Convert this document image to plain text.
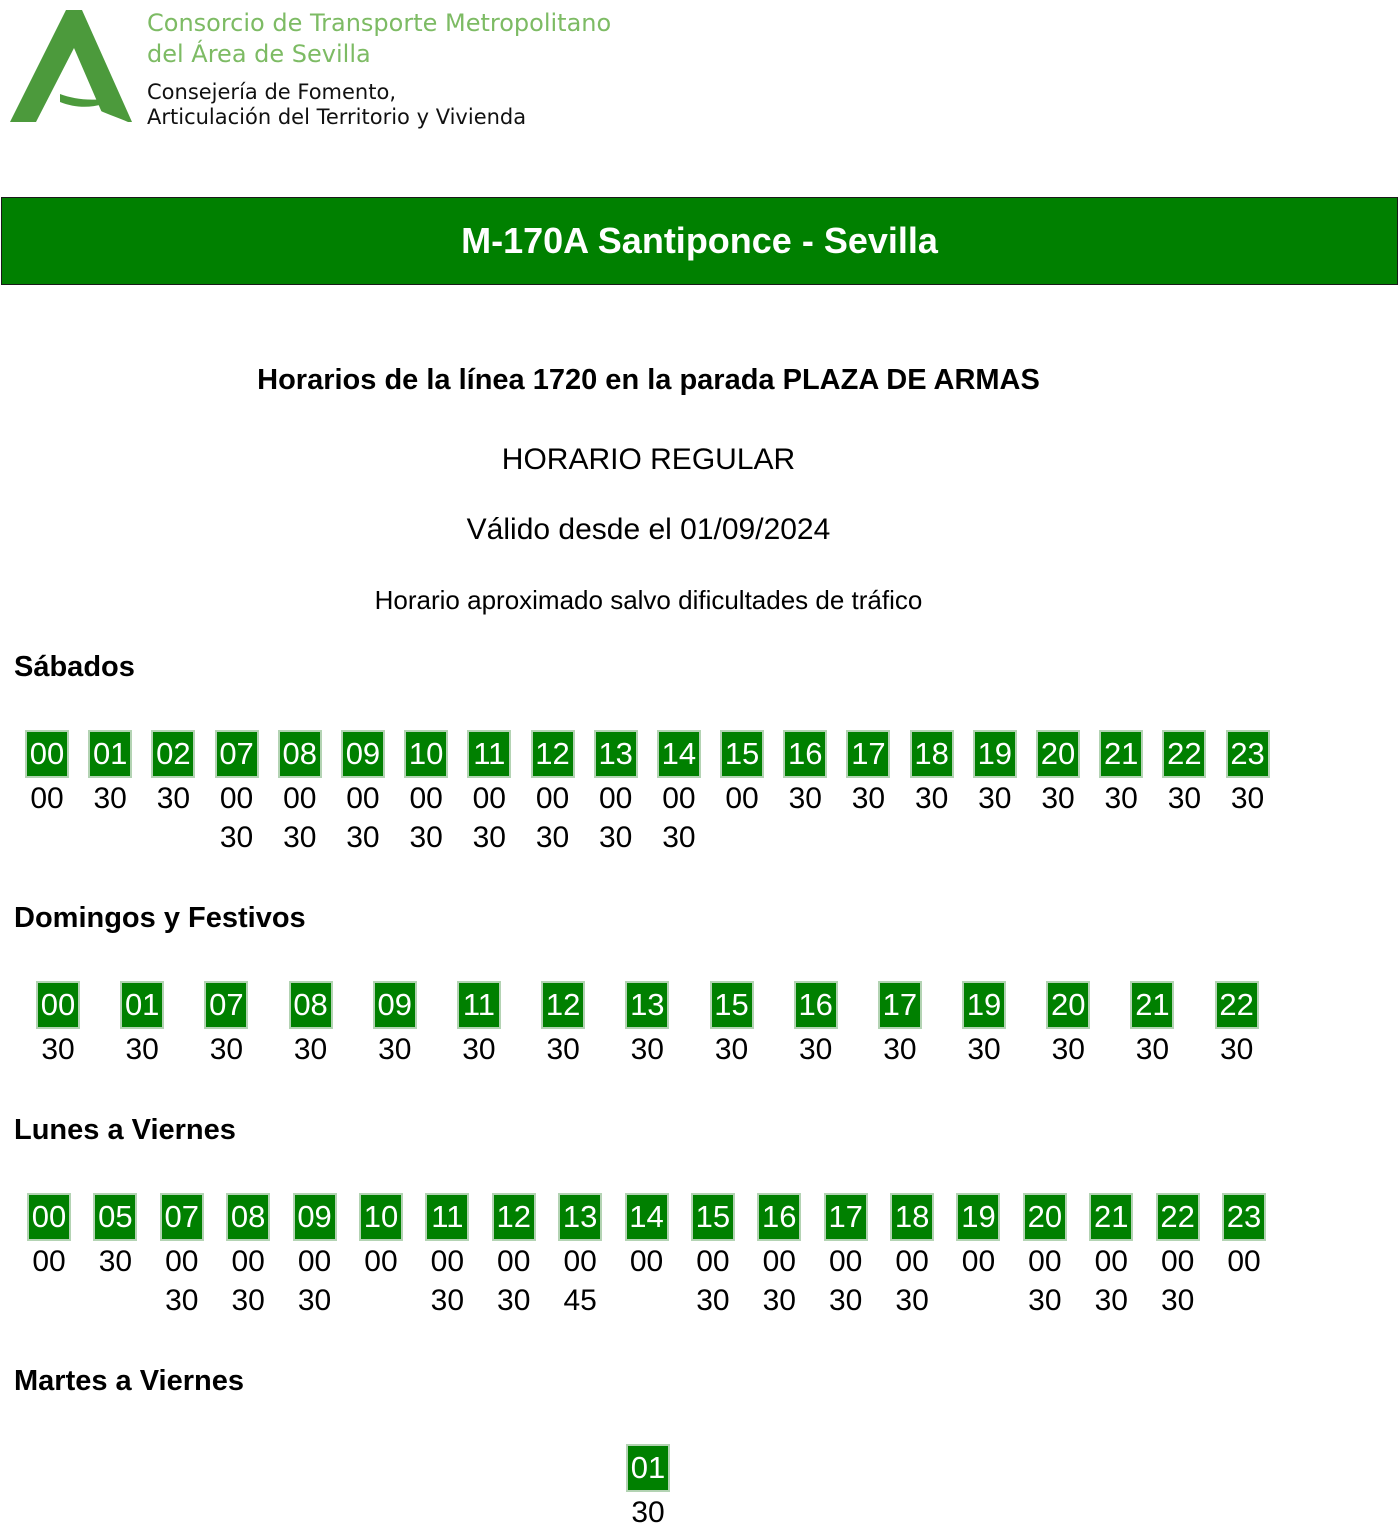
Consorcio de Transporte Metropolitano
del Área de Sevilla
Consejería de Fomento,
Articulación del Territorio y Vivienda
M-170A Santiponce - Sevilla
Horarios de la línea 1720 en la parada PLAZA DE ARMAS
HORARIO REGULAR
Válido desde el 01/09/2024
Horario aproximado salvo dificultades de tráfico
Sábados
00
00
01
30
02
30
07
00
30
08
00
30
09
00
30
10
00
30
11
00
30
12
00
30
13
00
30
14
00
30
15
00
16
30
17
30
18
30
19
30
20
30
21
30
22
30
23
30
Domingos y Festivos
00
30
01
30
07
30
08
30
09
30
11
30
12
30
13
30
15
30
16
30
17
30
19
30
20
30
21
30
22
30
Lunes a Viernes
00
00
05
30
07
00
30
08
00
30
09
00
30
10
00
11
00
30
12
00
30
13
00
45
14
00
15
00
30
16
00
30
17
00
30
18
00
30
19
00
20
00
30
21
00
30
22
00
30
23
00
Martes a Viernes
01
30
